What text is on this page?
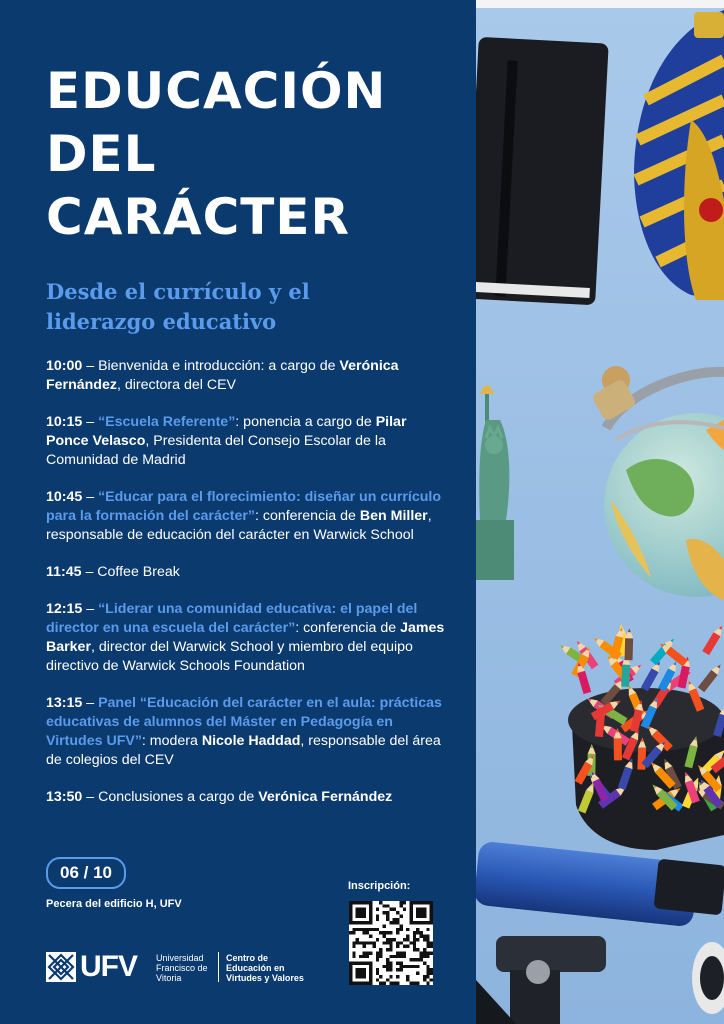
EDUCACIÓN
DEL
CARÁCTER
Desde el currículo y el
liderazgo educativo

10:00 – Bienvenida e introducción: a cargo de Verónica Fernández, directora del CEV

10:15 – “Escuela Referente”: ponencia a cargo de Pilar Ponce Velasco, Presidenta del Consejo Escolar de la Comunidad de Madrid

10:45 – “Educar para el florecimiento: diseñar un currículo para la formación del carácter”: conferencia de Ben Miller, responsable de educación del carácter en Warwick School

11:45 – Coffee Break

12:15 – “Liderar una comunidad educativa: el papel del director en una escuela del carácter”: conferencia de James Barker, director del Warwick School y miembro del equipo directivo de Warwick Schools Foundation

13:15 – Panel “Educación del carácter en el aula: prácticas educativas de alumnos del Máster en Pedagogía en Virtudes UFV”: modera Nicole Haddad, responsable del área de colegios del CEV

13:50 – Conclusiones a cargo de Verónica Fernández

06 / 10
Pecera del edificio H, UFV
Inscripción:
UFV Universidad
Francisco de
Vitoria
Centro de
Educación en
Virtudes y Valores
